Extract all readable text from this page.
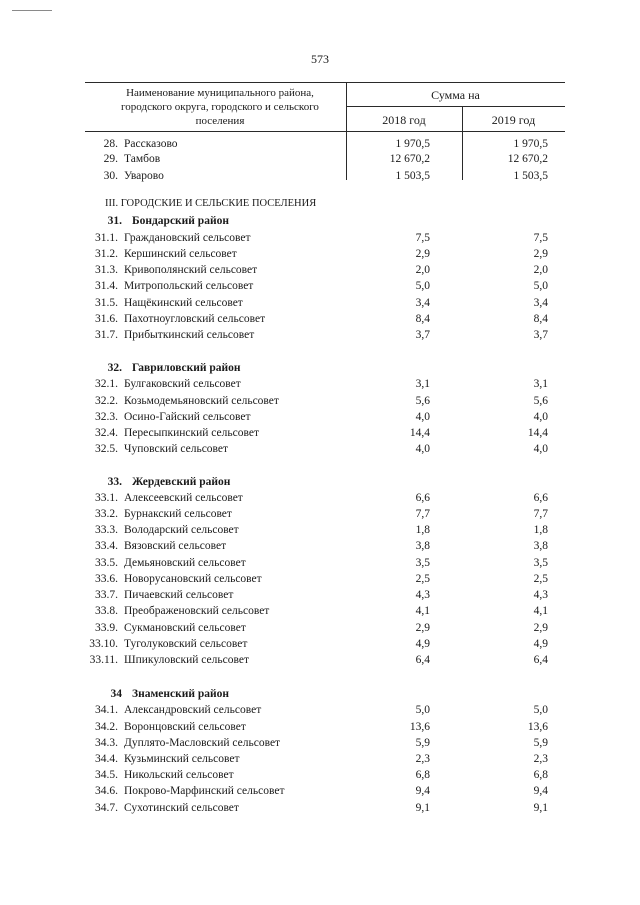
573
Наименование муниципального района,
городского округа, городского и сельского
поселения
Сумма на
2018 год	2019 год
28. Рассказово	1 970,5	1 970,5
29. Тамбов	12 670,2	12 670,2
30. Уварово	1 503,5	1 503,5
III. ГОРОДСКИЕ И СЕЛЬСКИЕ ПОСЕЛЕНИЯ
31. Бондарский район
31.1. Граждановский сельсовет	7,5	7,5
31.2. Кершинский сельсовет	2,9	2,9
31.3. Кривополянский сельсовет	2,0	2,0
31.4. Митропольский сельсовет	5,0	5,0
31.5. Нащёкинский сельсовет	3,4	3,4
31.6. Пахотноугловский сельсовет	8,4	8,4
31.7. Прибыткинский сельсовет	3,7	3,7
32. Гавриловский район
32.1. Булгаковский сельсовет	3,1	3,1
32.2. Козьмодемьяновский сельсовет	5,6	5,6
32.3. Осино-Гайский сельсовет	4,0	4,0
32.4. Пересыпкинский сельсовет	14,4	14,4
32.5. Чуповский сельсовет	4,0	4,0
33. Жердевский район
33.1. Алексеевский сельсовет	6,6	6,6
33.2. Бурнакский сельсовет	7,7	7,7
33.3. Володарский сельсовет	1,8	1,8
33.4. Вязовский сельсовет	3,8	3,8
33.5. Демьяновский сельсовет	3,5	3,5
33.6. Новорусановский сельсовет	2,5	2,5
33.7. Пичаевский сельсовет	4,3	4,3
33.8. Преображеновский сельсовет	4,1	4,1
33.9. Сукмановский сельсовет	2,9	2,9
33.10. Туголуковский сельсовет	4,9	4,9
33.11. Шпикуловский сельсовет	6,4	6,4
34 Знаменский район
34.1. Александровский сельсовет	5,0	5,0
34.2. Воронцовский сельсовет	13,6	13,6
34.3. Дуплято-Масловский сельсовет	5,9	5,9
34.4. Кузьминский сельсовет	2,3	2,3
34.5. Никольский сельсовет	6,8	6,8
34.6. Покрово-Марфинский сельсовет	9,4	9,4
34.7. Сухотинский сельсовет	9,1	9,1
